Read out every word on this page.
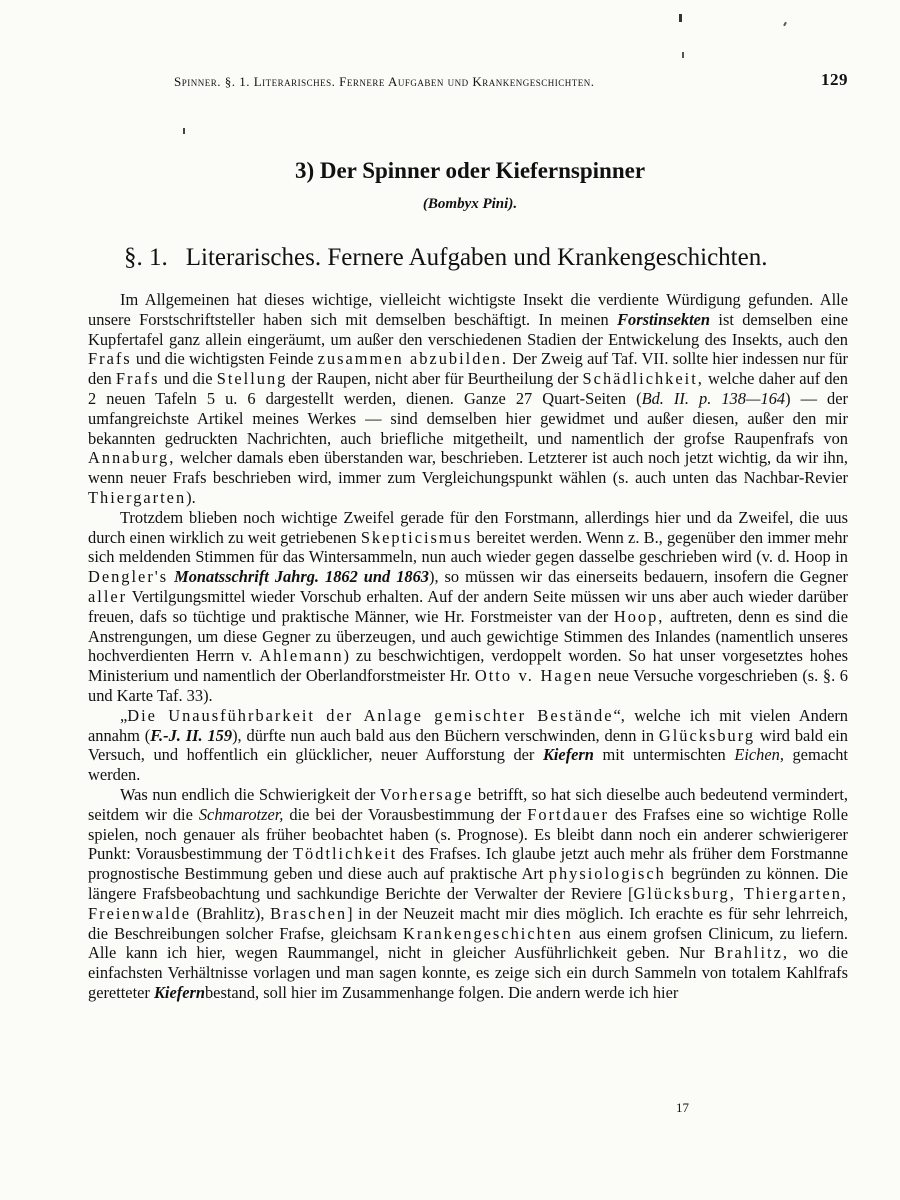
Spinner. §. 1. Literarisches. Fernere Aufgaben und Krankengeschichten.	129
3) Der Spinner oder Kiefernspinner
(Bombyx Pini).
§. 1. Literarisches. Fernere Aufgaben und Krankengeschichten.

Im Allgemeinen hat dieses wichtige, vielleicht wichtigste Insekt die verdiente Würdigung gefunden. Alle unsere Forstschriftsteller haben sich mit demselben beschäftigt. In meinen Forstinsekten ist demselben eine Kupfertafel ganz allein eingeräumt, um außer den verschiedenen Stadien der Entwickelung des Insekts, auch den Frafs und die wichtigsten Feinde zusammen abzubilden. Der Zweig auf Taf. VII. sollte hier indessen nur für den Frafs und die Stellung der Raupen, nicht aber für Beurtheilung der Schädlichkeit, welche daher auf den 2 neuen Tafeln 5 u. 6 dargestellt werden, dienen. Ganze 27 Quart-Seiten (Bd. II. p. 138—164) — der umfangreichste Artikel meines Werkes — sind demselben hier gewidmet und außer diesen, außer den mir bekannten gedruckten Nachrichten, auch briefliche mitgetheilt, und namentlich der grofse Raupenfrafs von Annaburg, welcher damals eben überstanden war, beschrieben. Letzterer ist auch noch jetzt wichtig, da wir ihn, wenn neuer Frafs beschrieben wird, immer zum Vergleichungspunkt wählen (s. auch unten das Nachbar-Revier Thiergarten).

Trotzdem blieben noch wichtige Zweifel gerade für den Forstmann, allerdings hier und da Zweifel, die uus durch einen wirklich zu weit getriebenen Skepticismus bereitet werden. Wenn z. B., gegenüber den immer mehr sich meldenden Stimmen für das Wintersammeln, nun auch wieder gegen dasselbe geschrieben wird (v. d. Hoop in Dengler's Monatsschrift Jahrg. 1862 und 1863), so müssen wir das einerseits bedauern, insofern die Gegner aller Vertilgungsmittel wieder Vorschub erhalten. Auf der andern Seite müssen wir uns aber auch wieder darüber freuen, dafs so tüchtige und praktische Männer, wie Hr. Forstmeister van der Hoop, auftreten, denn es sind die Anstrengungen, um diese Gegner zu überzeugen, und auch gewichtige Stimmen des Inlandes (namentlich unseres hochverdienten Herrn v. Ahlemann) zu beschwichtigen, verdoppelt worden. So hat unser vorgesetztes hohes Ministerium und namentlich der Oberlandforstmeister Hr. Otto v. Hagen neue Versuche vorgeschrieben (s. §. 6 und Karte Taf. 33).

„Die Unausführbarkeit der Anlage gemischter Bestände“, welche ich mit vielen Andern annahm (F.-J. II. 159), dürfte nun auch bald aus den Büchern verschwinden, denn in Glücksburg wird bald ein Versuch, und hoffentlich ein glücklicher, neuer Aufforstung der Kiefern mit untermischten Eichen, gemacht werden.

Was nun endlich die Schwierigkeit der Vorhersage betrifft, so hat sich dieselbe auch bedeutend vermindert, seitdem wir die Schmarotzer, die bei der Vorausbestimmung der Fortdauer des Frafses eine so wichtige Rolle spielen, noch genauer als früher beobachtet haben (s. Prognose). Es bleibt dann noch ein anderer schwierigerer Punkt: Vorausbestimmung der Tödtlichkeit des Frafses. Ich glaube jetzt auch mehr als früher dem Forstmanne prognostische Bestimmung geben und diese auch auf praktische Art physiologisch begründen zu können. Die längere Frafsbeobachtung und sachkundige Berichte der Verwalter der Reviere [Glücksburg, Thiergarten, Freienwalde (Brahlitz), Braschen] in der Neuzeit macht mir dies möglich. Ich erachte es für sehr lehrreich, die Beschreibungen solcher Frafse, gleichsam Krankengeschichten aus einem grofsen Clinicum, zu liefern. Alle kann ich hier, wegen Raummangel, nicht in gleicher Ausführlichkeit geben. Nur Brahlitz, wo die einfachsten Verhältnisse vorlagen und man sagen konnte, es zeige sich ein durch Sammeln von totalem Kahlfrafs geretteter Kiefernbestand, soll hier im Zusammenhange folgen. Die andern werde ich hier

17
